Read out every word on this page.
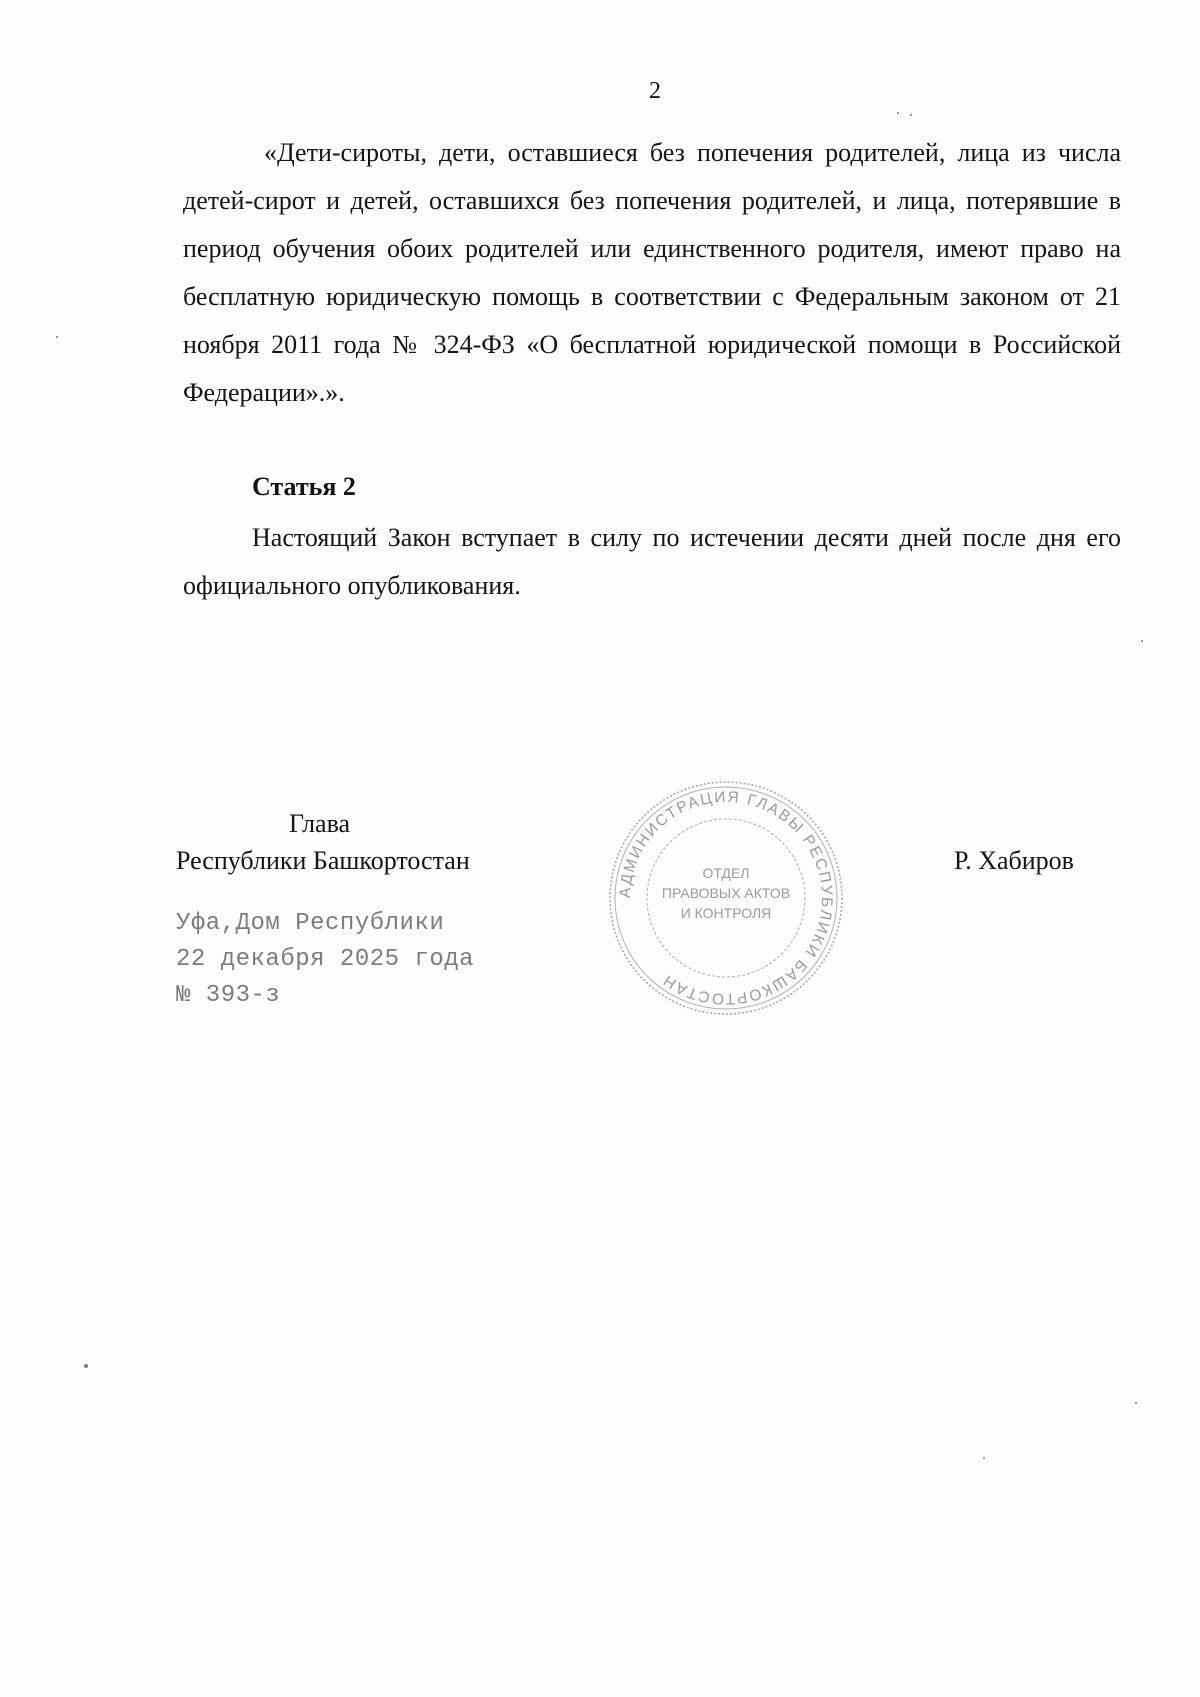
2
«Дети-сироты, дети, оставшиеся без попечения родителей, лица из числа детей-сирот и детей, оставшихся без попечения родителей, и лица, потерявшие в период обучения обоих родителей или единственного родителя, имеют право на бесплатную юридическую помощь в соответствии с Федеральным законом от 21 ноября 2011 года № 324-ФЗ «О бесплатной юридической помощи в Российской Федерации».».
Статья 2
Настоящий Закон вступает в силу по истечении десяти дней после дня его официального опубликования.
Глава
Республики Башкортостан
АДМИНИСТРАЦИЯ ГЛАВЫ РЕСПУБЛИКИ БАШКОРТОСТАН
ОТДЕЛ
ПРАВОВЫХ АКТОВ
И КОНТРОЛЯ
Р. Хабиров
Уфа,Дом Республики
22 декабря 2025 года
№ 393-з
